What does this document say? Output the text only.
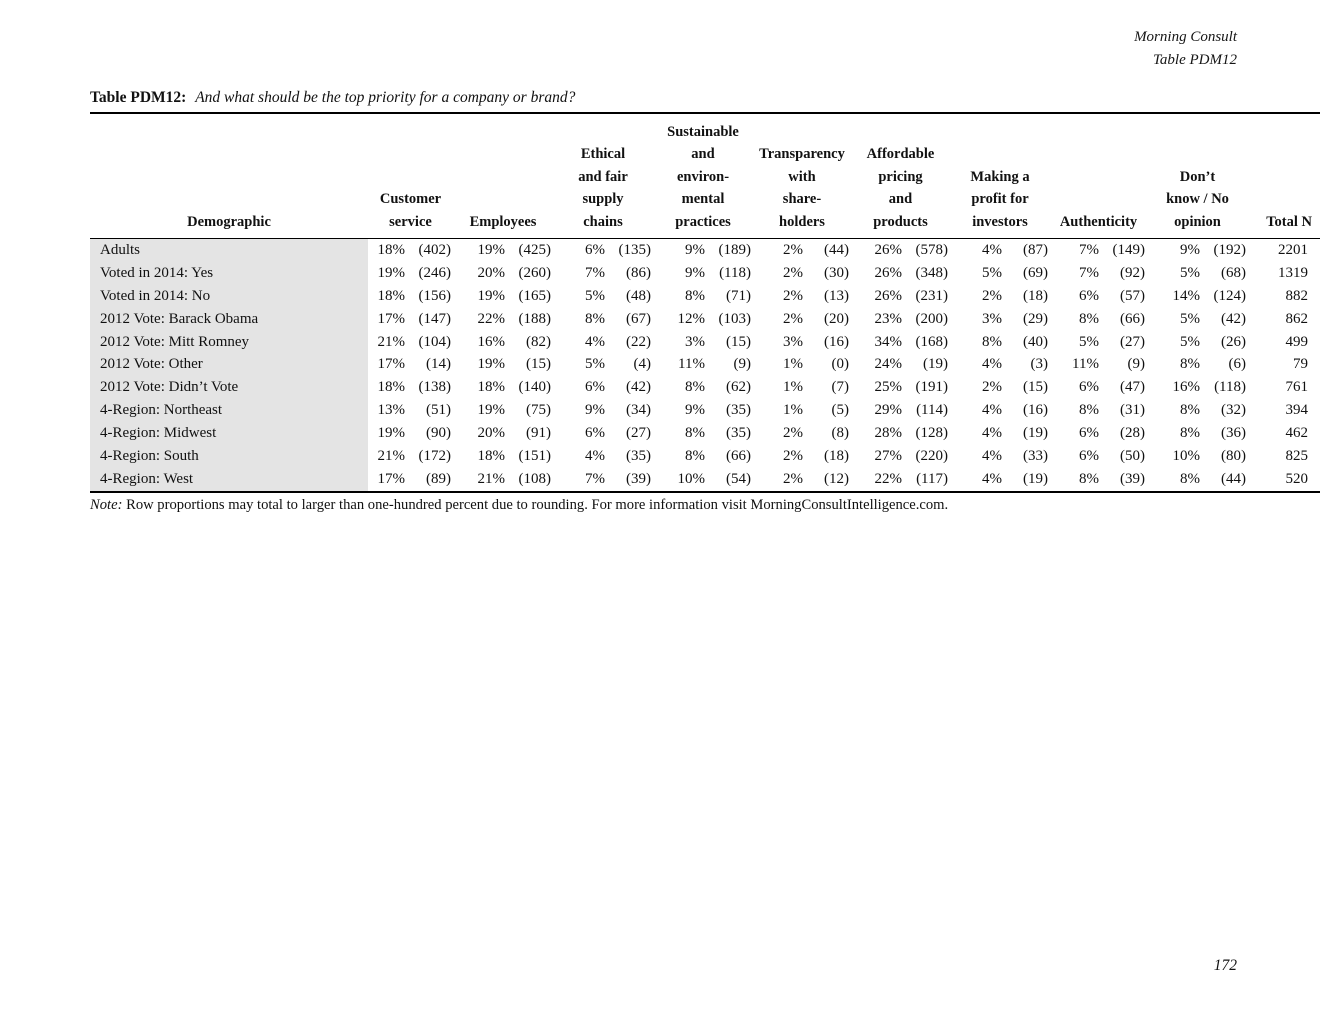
Morning Consult
Table PDM12
Table PDM12: And what should be the top priority for a company or brand?
Demographic	Customer
service	Employees	Ethical
and fair
supply
chains	Sustainable
and
environ-
mental
practices	Transparency
with
share-
holders	Affordable
pricing
and
products	Making a
profit for
investors	Authenticity	Don’t
know / No
opinion	Total N
Adults	18% (402)	19% (425)	6% (135)	9% (189)	2% (44)	26% (578)	4% (87)	7% (149)	9% (192)	2201
Voted in 2014: Yes	19% (246)	20% (260)	7% (86)	9% (118)	2% (30)	26% (348)	5% (69)	7% (92)	5% (68)	1319
Voted in 2014: No	18% (156)	19% (165)	5% (48)	8% (71)	2% (13)	26% (231)	2% (18)	6% (57)	14% (124)	882
2012 Vote: Barack Obama	17% (147)	22% (188)	8% (67)	12% (103)	2% (20)	23% (200)	3% (29)	8% (66)	5% (42)	862
2012 Vote: Mitt Romney	21% (104)	16% (82)	4% (22)	3% (15)	3% (16)	34% (168)	8% (40)	5% (27)	5% (26)	499
2012 Vote: Other	17% (14)	19% (15)	5% (4)	11% (9)	1% (0)	24% (19)	4% (3)	11% (9)	8% (6)	79
2012 Vote: Didn’t Vote	18% (138)	18% (140)	6% (42)	8% (62)	1% (7)	25% (191)	2% (15)	6% (47)	16% (118)	761
4-Region: Northeast	13% (51)	19% (75)	9% (34)	9% (35)	1% (5)	29% (114)	4% (16)	8% (31)	8% (32)	394
4-Region: Midwest	19% (90)	20% (91)	6% (27)	8% (35)	2% (8)	28% (128)	4% (19)	6% (28)	8% (36)	462
4-Region: South	21% (172)	18% (151)	4% (35)	8% (66)	2% (18)	27% (220)	4% (33)	6% (50)	10% (80)	825
4-Region: West	17% (89)	21% (108)	7% (39)	10% (54)	2% (12)	22% (117)	4% (19)	8% (39)	8% (44)	520
Note: Row proportions may total to larger than one-hundred percent due to rounding. For more information visit MorningConsultIntelligence.com.
172
